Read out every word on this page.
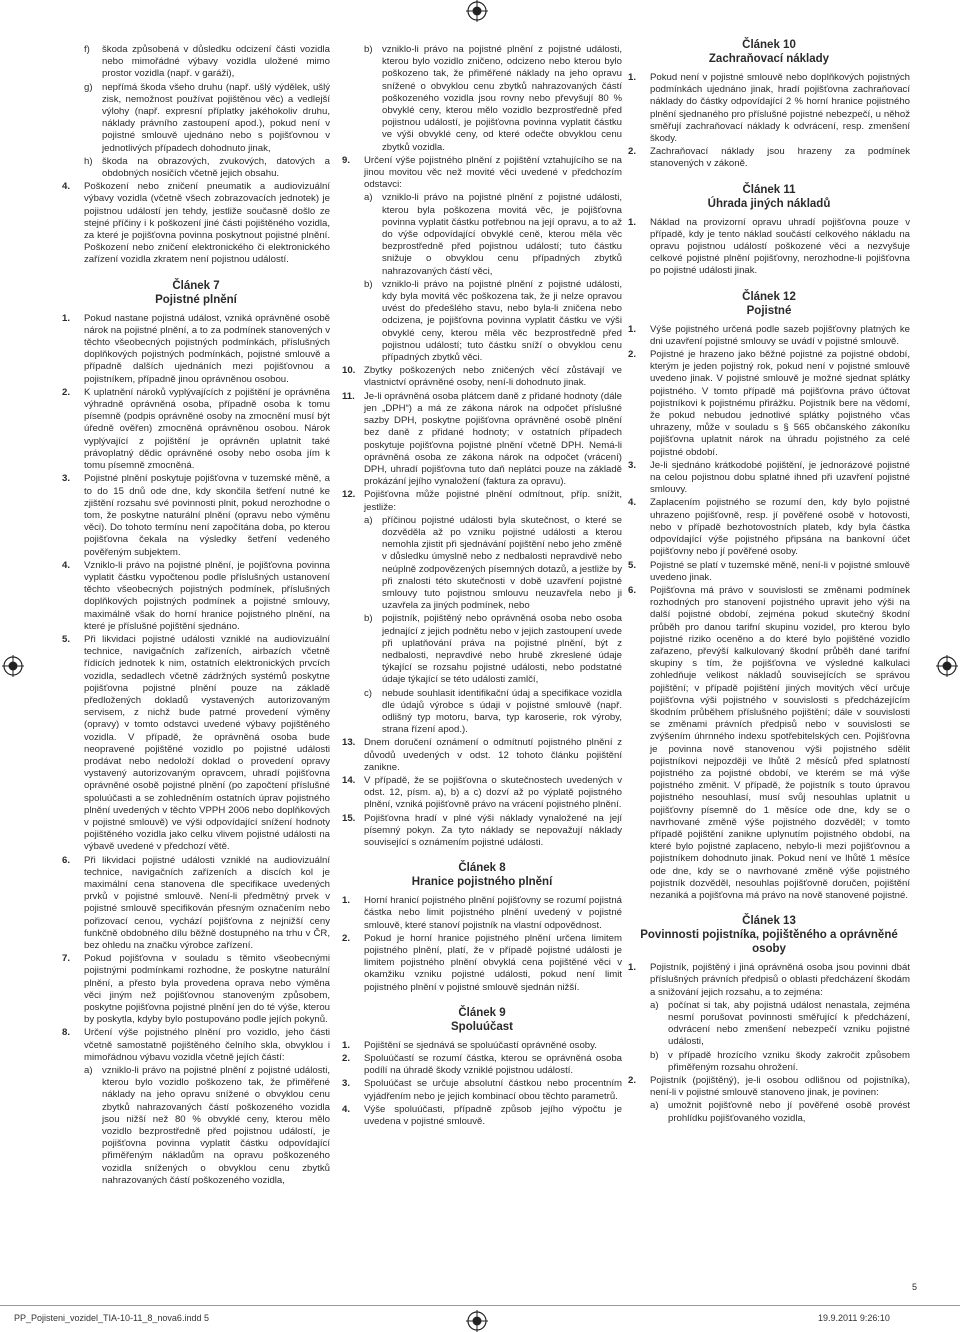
f)	škoda způsobená v důsledku odcizení části vozidla nebo mimořádné výbavy vozidla uložené mimo prostor vozidla (např. v garáži),
g) nepřímá škoda všeho druhu (např. ušlý výdělek, ušlý zisk, nemožnost používat pojištěnou věc) a vedlejší výlohy (např. expresní příplatky jakéhokoliv druhu, náklady právního zastoupení apod.), pokud není v pojistné smlouvě ujednáno nebo s pojišťovnou v jednotlivých případech dohodnuto jinak,
h) škoda na obrazových, zvukových, datových a obdobných nosičích včetně jejich obsahu.
4.	Poškození nebo zničení pneumatik a audiovizuální výbavy vozidla (včetně všech zobrazovacích jednotek) je pojistnou událostí jen tehdy, jestliže současně došlo ze stejné příčiny i k poškození jiné části pojištěného vozidla, za které je pojišťovna povinna poskytnout pojistné plnění. Poškození nebo zničení elektronického či elektronického zařízení vozidla zkratem není pojistnou událostí.
Článek 7
Pojistné plnění
1.	Pokud nastane pojistná událost, vzniká oprávněné osobě nárok na pojistné plnění, a to za podmínek stanovených v těchto všeobecných pojistných podmínkách, příslušných doplňkových pojistných podmínkách, pojistné smlouvě a případně dalších ujednáních mezi pojišťovnou a pojistníkem, případně jinou oprávněnou osobou.
2.	K uplatnění nároků vyplývajících z pojištění je oprávněna výhradně oprávněná osoba, případně osoba k tomu písemně (podpis oprávněné osoby na zmocnění musí být úředně ověřen) zmocněná oprávněnou osobou. Nárok vyplývající z pojištění je oprávněn uplatnit také právoplatný dědic oprávněné osoby nebo osoba jím k tomu písemně zmocněná.
3.	Pojistné plnění poskytuje pojišťovna v tuzemské měně, a to do 15 dnů ode dne, kdy skončila šetření nutné ke zjištění rozsahu své povinnosti plnit, pokud nerozhodne o tom, že poskytne naturální plnění (opravu nebo výměnu věci). Do tohoto termínu není započítána doba, po kterou pojišťovna čekala na výsledky šetření vedeného pověřeným subjektem.
4.	Vzniklo-li právo na pojistné plnění, je pojišťovna povinna vyplatit částku vypočtenou podle příslušných ustanovení těchto všeobecných pojistných podmínek, příslušných doplňkových pojistných podmínek a pojistné smlouvy, maximálně však do horní hranice pojistného plnění, na které je příslušné pojištění sjednáno.
5.	Při likvidaci pojistné události vzniklé na audiovizuální technice, navigačních zařízeních, airbazích včetně řídicích jednotek k nim, ostatních elektronických prvcích vozidla, sedadlech včetně zádržných systémů poskytne pojišťovna pojistné plnění pouze na základě předložených dokladů vystavených autorizovaným servisem, z nichž bude patrné provedení výměny (opravy) v tomto odstavci uvedené výbavy pojištěného vozidla. V případě, že oprávněná osoba bude neopravené pojištěné vozidlo po pojistné události prodávat nebo nedoloží doklad o provedení opravy vystavený autorizovaným opravcem, uhradí pojišťovna oprávněné osobě pojistné plnění (po započtení příslušné spoluúčasti a se zohledněním ostatních úprav pojistného plnění uvedených v těchto VPPH 2006 nebo doplňkových v pojistné smlouvě) ve výši odpovídající snížení hodnoty pojištěného vozidla jako celku vlivem pojistné události na výbavě uvedené v předchozí větě.
6.	Při likvidaci pojistné události vzniklé na audiovizuální technice, navigačních zařízeních a discích kol je maximální cena stanovena dle specifikace uvedených prvků v pojistné smlouvě. Není-li předmětný prvek v pojistné smlouvě specifikován přesným označením nebo pořizovací cenou, vychází pojišťovna z nejnižší ceny funkčně obdobného dílu běžně dostupného na trhu v ČR, bez ohledu na značku výrobce zařízení.
7.	Pokud pojišťovna v souladu s těmito všeobecnými pojistnými podmínkami rozhodne, že poskytne naturální plnění, a přesto byla provedena oprava nebo výměna věci jiným než pojišťovnou stanoveným způsobem, poskytne pojišťovna pojistné plnění jen do té výše, kterou by poskytla, kdyby bylo postupováno podle jejích pokynů.
8.	Určení výše pojistného plnění pro vozidlo, jeho části včetně samostatně pojištěného čelního skla, obvyklou i mimořádnou výbavu vozidla včetně jejích částí:
a) vzniklo-li právo na pojistné plnění z pojistné události, kterou bylo vozidlo poškozeno tak, že přiměřené náklady na jeho opravu snížené o obvyklou cenu zbytků nahrazovaných částí poškozeného vozidla jsou nižší než 80 % obvyklé ceny, kterou mělo vozidlo bezprostředně před pojistnou událostí, je pojišťovna povinna vyplatit částku odpovídající přiměřeným nákladům na opravu poškozeného vozidla snížených o obvyklou cenu zbytků nahrazovaných částí poškozeného vozidla,
b) vzniklo-li právo na pojistné plnění z pojistné události, kterou bylo vozidlo zničeno, odcizeno nebo kterou bylo poškozeno tak, že přiměřené náklady na jeho opravu snížené o obvyklou cenu zbytků nahrazovaných částí poškozeného vozidla jsou rovny nebo převyšují 80 % obvyklé ceny, kterou mělo vozidlo bezprostředně před pojistnou událostí, je pojišťovna povinna vyplatit částku ve výši obvyklé ceny, od které odečte obvyklou cenu zbytků vozidla.
9.	Určení výše pojistného plnění z pojištění vztahujícího se na jinou movitou věc než movité věci uvedené v předchozím odstavci:
a) vzniklo-li právo na pojistné plnění z pojistné události, kterou byla poškozena movitá věc, je pojišťovna povinna vyplatit částku potřebnou na její opravu, a to až do výše odpovídající obvyklé ceně, kterou měla věc bezprostředně před pojistnou událostí; tuto částku snižuje o obvyklou cenu případných zbytků nahrazovaných částí věci,
b) vzniklo-li právo na pojistné plnění z pojistné události, kdy byla movitá věc poškozena tak, že ji nelze opravou uvést do předešlého stavu, nebo byla-li zničena nebo odcizena, je pojišťovna povinna vyplatit částku ve výši obvyklé ceny, kterou měla věc bezprostředně před pojistnou událostí; tuto částku sníží o obvyklou cenu případných zbytků věci.
10. Zbytky poškozených nebo zničených věcí zůstávají ve vlastnictví oprávněné osoby, není-li dohodnuto jinak.
11. Je-li oprávněná osoba plátcem daně z přidané hodnoty (dále jen „DPH“) a má ze zákona nárok na odpočet příslušné sazby DPH, poskytne pojišťovna oprávněné osobě plnění bez daně z přidané hodnoty; v ostatních případech poskytuje pojišťovna pojistné plnění včetně DPH. Nemá-li oprávněná osoba ze zákona nárok na odpočet (vrácení) DPH, uhradí pojišťovna tuto daň neplátci pouze na základě prokázání jejího vynaložení (faktura za opravu).
12. Pojišťovna může pojistné plnění odmítnout, příp. snížit, jestliže:
a) příčinou pojistné události byla skutečnost, o které se dozvěděla až po vzniku pojistné události a kterou nemohla zjistit při sjednávání pojištění nebo jeho změně v důsledku úmyslně nebo z nedbalosti nepravdivě nebo neúplně zodpovězených písemných dotazů, a jestliže by při znalosti této skutečnosti v době uzavření pojistné smlouvy tuto pojistnou smlouvu neuzavřela nebo ji uzavřela za jiných podmínek, nebo
b) pojistník, pojištěný nebo oprávněná osoba nebo osoba jednající z jejich podnětu nebo v jejich zastoupení uvede při uplatňování práva na pojistné plnění, být z nedbalosti, nepravdivé nebo hrubě zkreslené údaje týkající se rozsahu pojistné události, nebo podstatné údaje týkající se této události zamlčí,
c)	nebude souhlasit identifikační údaj a specifikace vozidla dle údajů výrobce s údaji v pojistné smlouvě (např. odlišný typ motoru, barva, typ karoserie, rok výroby, strana řízení apod.).
13. Dnem doručení oznámení o odmítnutí pojistného plnění z důvodů uvedených v odst. 12 tohoto článku pojištění zanikne.
14. V případě, že se pojišťovna o skutečnostech uvedených v odst. 12, písm. a), b) a c) dozví až po výplatě pojistného plnění, vzniká pojišťovně právo na vrácení pojistného plnění.
15. Pojišťovna hradí v plné výši náklady vynaložené na její písemný pokyn. Za tyto náklady se nepovažují náklady související s oznámením pojistné události.
Článek 8
Hranice pojistného plnění
1.	Horní hranicí pojistného plnění pojišťovny se rozumí pojistná částka nebo limit pojistného plnění uvedený v pojistné smlouvě, které stanoví pojistník na vlastní odpovědnost.
2.	Pokud je horní hranice pojistného plnění určena limitem pojistného plnění, platí, že v případě pojistné události je limitem pojistného plnění obvyklá cena pojištěné věci v okamžiku vzniku pojistné události, pokud není limit pojistného plnění v pojistné smlouvě sjednán nižší.
Článek 9
Spoluúčast
1.	Pojištění se sjednává se spoluúčastí oprávněné osoby.
2.	Spoluúčastí se rozumí částka, kterou se oprávněná osoba podílí na úhradě škody vzniklé pojistnou událostí.
3.	Spoluúčast se určuje absolutní částkou nebo procentním vyjádřením nebo je jejich kombinací obou těchto parametrů.
4.	Výše spoluúčasti, případně způsob jejího výpočtu je uvedena v pojistné smlouvě.
Článek 10
Zachraňovací náklady
1.	Pokud není v pojistné smlouvě nebo doplňkových pojistných podmínkách ujednáno jinak, hradí pojišťovna zachraňovací náklady do částky odpovídající 2 % horní hranice pojistného plnění sjednaného pro příslušné pojistné nebezpečí, u něhož směřují zachraňovací náklady k odvrácení, resp. zmenšení škody.
2.	Zachraňovací náklady jsou hrazeny za podmínek stanovených v zákoně.
Článek 11
Úhrada jiných nákladů
1.	Náklad na provizorní opravu uhradí pojišťovna pouze v případě, kdy je tento náklad součástí celkového nákladu na opravu pojistnou událostí poškozené věci a nezvyšuje celkové pojistné plnění pojišťovny, nerozhodne-li pojišťovna po pojistné události jinak.
Článek 12
Pojistné
1.	Výše pojistného určená podle sazeb pojišťovny platných ke dni uzavření pojistné smlouvy se uvádí v pojistné smlouvě.
2.	Pojistné je hrazeno jako běžné pojistné za pojistné období, kterým je jeden pojistný rok, pokud není v pojistné smlouvě uvedeno jinak. V pojistné smlouvě je možné sjednat splátky pojistného. V tomto případě má pojišťovna právo účtovat pojistníkovi k pojistnému přirážku. Pojistník bere na vědomí, že pokud nebudou jednotlivé splátky pojistného včas uhrazeny, může v souladu s § 565 občanského zákoníku pojišťovna uplatnit nárok na úhradu pojistného za celé pojistné období.
3.	Je-li sjednáno krátkodobé pojištění, je jednorázové pojistné na celou pojistnou dobu splatné ihned při uzavření pojistné smlouvy.
4.	Zaplacením pojistného se rozumí den, kdy bylo pojistné uhrazeno pojišťovně, resp. jí pověřené osobě v hotovosti, nebo v případě bezhotovostních plateb, kdy byla částka odpovídající výše pojistného připsána na bankovní účet pojišťovny nebo jí pověřené osoby.
5.	Pojistné se platí v tuzemské měně, není-li v pojistné smlouvě uvedeno jinak.
6.	Pojišťovna má právo v souvislosti se změnami podmínek rozhodných pro stanovení pojistného upravit jeho výši na další pojistné období, zejména pokud skutečný škodní průběh pro danou tarifní skupinu vozidel, pro kterou bylo pojistné riziko oceněno a do které bylo pojištěné vozidlo zařazeno, převýší kalkulovaný škodní průběh dané tarifní skupiny s tím, že pojišťovna ve výsledné kalkulaci zohledňuje velikost nákladů souvisejících se správou pojištění; v případě pojištění jiných movitých věcí určuje pojišťovna výši pojistného v souvislosti s předcházejícím škodním průběhem příslušného pojištění; dále v souvislosti se změnami právních předpisů nebo v souvislosti se zvýšením úhrnného indexu spotřebitelských cen. Pojišťovna je povinna nově stanovenou výši pojistného sdělit pojistníkovi nejpozději ve lhůtě 2 měsíců před splatností pojistného za pojistné období, ve kterém se má výše pojistného změnit. V případě, že pojistník s touto úpravou pojistného nesouhlasí, musí svůj nesouhlas uplatnit u pojišťovny písemně do 1 měsíce ode dne, kdy se o navrhované změně výše pojistného dozvěděl; v tomto případě pojištění zanikne uplynutím pojistného období, na které bylo pojistné zaplaceno, nebylo-li mezi pojišťovnou a pojistníkem dohodnuto jinak. Pokud není ve lhůtě 1 měsíce ode dne, kdy se o navrhované změně výše pojistného pojistník dozvěděl, nesouhlas pojišťovně doručen, pojištění nezaniká a pojišťovna má právo na nově stanovené pojistné.
Článek 13
Povinnosti pojistníka, pojištěného a oprávněné osoby
1.	Pojistník, pojištěný i jiná oprávněná osoba jsou povinni dbát příslušných právních předpisů o oblasti předcházení škodám a snižování jejich rozsahu, a to zejména:
a) počínat si tak, aby pojistná událost nenastala, zejména nesmí porušovat povinnosti směřující k předcházení, odvrácení nebo zmenšení nebezpečí vzniku pojistné události,
b) v případě hrozícího vzniku škody zakročit způsobem přiměřeným rozsahu ohrožení.
2.	Pojistník (pojištěný), je-li osobou odlišnou od pojistníka), není-li v pojistné smlouvě stanoveno jinak, je povinen:
a) umožnit pojišťovně nebo jí pověřené osobě provést prohlídku pojišťovaného vozidla,
5
PP_Pojisteni_vozidel_TIA-10-11_8_nova6.indd 5	19.9.2011 9:26:10
